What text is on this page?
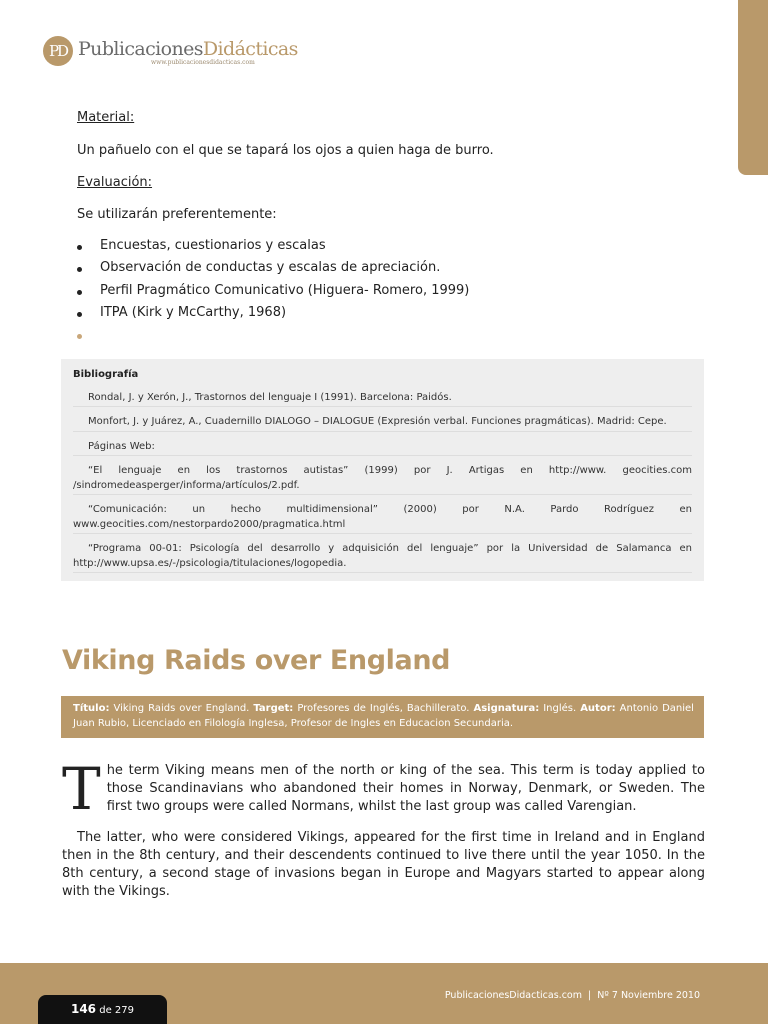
PD PublicacionesDidácticas
www.publicacionesdidacticas.com
Material:
Un pañuelo con el que se tapará los ojos a quien haga de burro.
Evaluación:
Se utilizarán preferentemente:
Encuestas, cuestionarios y escalas
Observación de conductas y escalas de apreciación.
Perfil Pragmático Comunicativo (Higuera- Romero, 1999)
ITPA (Kirk y McCarthy, 1968)
Bibliografía
Rondal, J. y Xerón, J., Trastornos del lenguaje I (1991). Barcelona: Paidós.
Monfort, J. y Juárez, A., Cuadernillo DIALOGO – DIALOGUE (Expresión verbal. Funciones pragmáticas). Madrid: Cepe.
Páginas Web:
“El lenguaje en los trastornos autistas” (1999) por J. Artigas en http://www. geocities.com /sindromedeasperger/informa/artículos/2.pdf.
“Comunicación: un hecho multidimensional” (2000) por N.A. Pardo Rodríguez en www.geocities.com/nestorpardo2000/pragmatica.html
“Programa 00-01: Psicología del desarrollo y adquisición del lenguaje” por la Universidad de Salamanca en http://www.upsa.es/-/psicologia/titulaciones/logopedia.
Viking Raids over England
Título: Viking Raids over England. Target: Profesores de Inglés, Bachillerato. Asignatura: Inglés. Autor: Antonio Daniel Juan Rubio, Licenciado en Filología Inglesa, Profesor de Ingles en Educacion Secundaria.
The term Viking means men of the north or king of the sea. This term is today applied to those Scandinavians who abandoned their homes in Norway, Denmark, or Sweden. The first two groups were called Normans, whilst the last group was called Varengian.
The latter, who were considered Vikings, appeared for the first time in Ireland and in England then in the 8th century, and their descendents continued to live there until the year 1050. In the 8th century, a second stage of invasions began in Europe and Magyars started to appear along with the Vikings.
PublicacionesDidacticas.com | Nº 7 Noviembre 2010
146 de 279
